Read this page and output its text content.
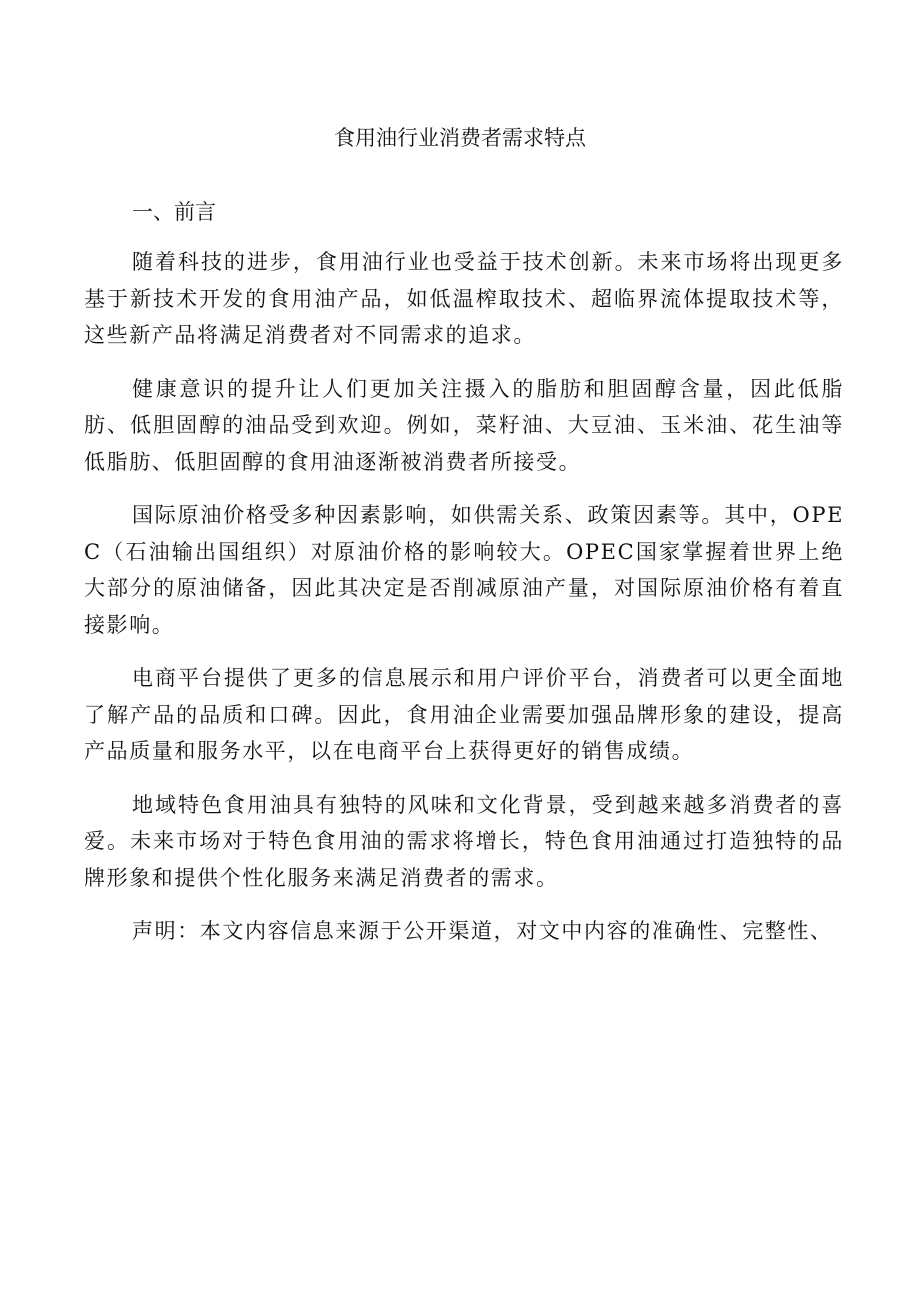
食用油行业消费者需求特点

一、前言

随着科技的进步，食用油行业也受益于技术创新。未来市场将出现更多基于新技术开发的食用油产品，如低温榨取技术、超临界流体提取技术等，这些新产品将满足消费者对不同需求的追求。

健康意识的提升让人们更加关注摄入的脂肪和胆固醇含量，因此低脂肪、低胆固醇的油品受到欢迎。例如，菜籽油、大豆油、玉米油、花生油等低脂肪、低胆固醇的食用油逐渐被消费者所接受。

国际原油价格受多种因素影响，如供需关系、政策因素等。其中，OPEC（石油输出国组织）对原油价格的影响较大。OPEC国家掌握着世界上绝大部分的原油储备，因此其决定是否削减原油产量，对国际原油价格有着直接影响。

电商平台提供了更多的信息展示和用户评价平台，消费者可以更全面地了解产品的品质和口碑。因此，食用油企业需要加强品牌形象的建设，提高产品质量和服务水平，以在电商平台上获得更好的销售成绩。

地域特色食用油具有独特的风味和文化背景，受到越来越多消费者的喜爱。未来市场对于特色食用油的需求将增长，特色食用油通过打造独特的品牌形象和提供个性化服务来满足消费者的需求。

声明：本文内容信息来源于公开渠道，对文中内容的准确性、完整性、
